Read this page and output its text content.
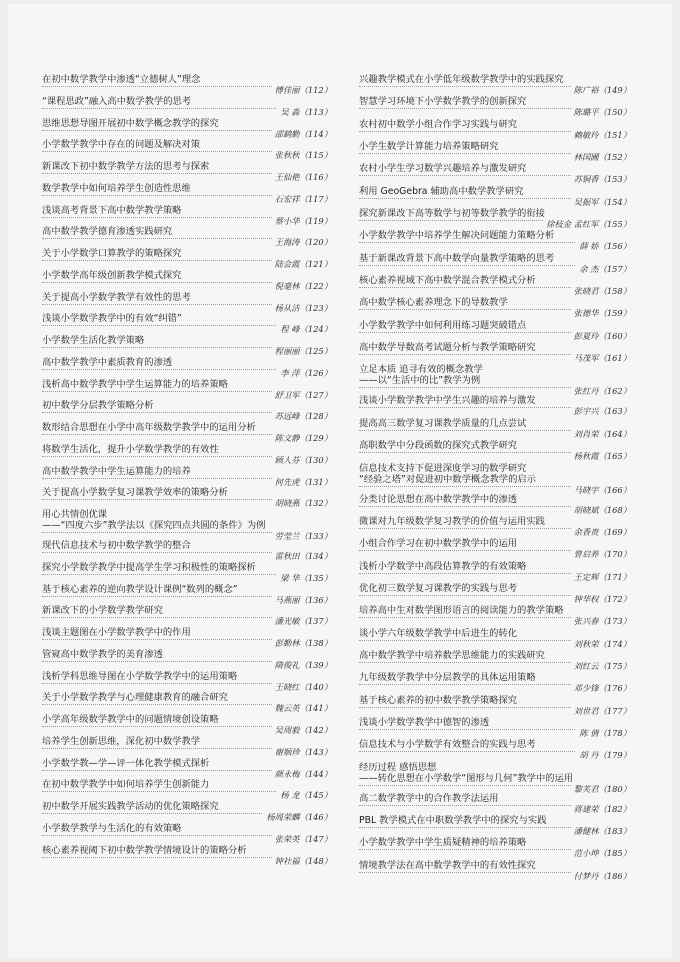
在初中数学教学中渗透“立德树人”理念
傅佳丽（112）
“课程思政”融入高中数学教学的思考
吴 淼（113）
思维思想导图开展初中数学概念教学的探究
邵鹤勤（114）
小学数学教学中存在的问题及解决对策
张秋秋（115）
新课改下初中数学教学方法的思考与探索
王仙艳（116）
数学教学中如何培养学生创造性思维
石宏祥（117）
浅谈高考背景下高中数学教学策略
蔡小华（119）
高中数学教学德育渗透实践研究
王海涛（120）
关于小学数学口算教学的策略探究
陆会霞（121）
小学数学高年级创新教学模式探究
倪毫林（122）
关于提高小学数学教学有效性的思考
杨从洁（123）
浅谈小学数学教学中的有效“纠错”
程 峰（124）
小学数学生活化教学策略
程丽丽（125）
高中数学教学中素质教育的渗透
李 萍（126）
浅析高中数学教学中学生运算能力的培养策略
舒卫军（127）
初中数学分层教学策略分析
苏远峰（128）
数形结合思想在小学中高年级数学教学中的运用分析
陈文静（129）
将数学生活化，提升小学数学教学的有效性
顾人芬（130）
高中数学教学中学生运算能力的培养
何先虎（131）
关于提高小学数学复习课教学效率的策略分析
胡晓燕（132）
用心共情创优课
——“四度六步”教学法以《探究四点共圆的条件》为例
劳莹兰（133）
现代信息技术与初中数学教学的整合
雷秋田（134）
探究小学数学教学中提高学生学习积极性的策略探析
梁 华（135）
基于核心素养的逆向教学设计课例“数列的概念”
马燕丽（136）
新课改下的小学数学教学研究
潘光敏（137）
浅谈主题图在小学数学教学中的作用
彭勤林（138）
管窥高中数学教学的美育渗透
隋俊礼（139）
浅析学科思维导图在小学数学教学中的运用策略
王晓红（140）
关于小学数学教学与心理健康教育的融合研究
魏云英（141）
小学高年级数学教学中的问题情境创设策略
吴周毅（142）
培养学生创新思维，深化初中数学教学
谢顺珍（143）
小学数学教—学—评一体化教学模式探析
颜永梅（144）
在初中数学教学中如何培养学生创新能力
杨 龙（145）
初中数学开展实践教学活动的优化策略探究
杨周荣麟（146）
小学数学教学与生活化的有效策略
张荣英（147）
核心素养视阈下初中数学教学情境设计的策略分析
钟社福（148）
兴趣教学模式在小学低年级数学教学中的实践探究
陈广裕（149）
智慧学习环境下小学数学教学的创新探究
陈璐平（150）
农村初中数学小组合作学习实践与研究
赖敏玲（151）
小学生数学计算能力培养策略研究
林国圃（152）
农村小学生学习数学兴趣培养与激发研究
苏铜香（153）
利用 GeoGebra 辅助高中数学教学研究
吴振军（154）
探究新课改下高等数学与初等数学教学的衔接
徐枝金 孟红军（155）
小学数学教学中培养学生解决问题能力策略分析
薛 娇（156）
基于新课改背景下高中数学向量教学策略的思考
余 杰（157）
核心素养视域下高中数学混合教学模式分析
张晓君（158）
高中数学核心素养理念下的导数教学
张德华（159）
小学数学教学中如何利用练习题突破错点
彭夏玲（160）
高中数学导数高考试题分析与教学策略研究
马茂军（161）
立足本质 追寻有效的概念教学
——以“生活中的比”教学为例
张红丹（162）
浅谈小学数学教学中学生兴趣的培养与激发
彭宇兴（163）
提高高三数学复习课教学质量的几点尝试
刘肖荣（164）
高职数学中分段函数的探究式教学研究
杨秋霞（165）
信息技术支持下促进深度学习的数学研究
“经验之塔”对促进初中数学概念教学的启示
马晓宇（166）
分类讨论思想在高中数学教学中的渗透
胡晓斌（168）
微课对九年级数学复习教学的价值与运用实践
余香贵（169）
小组合作学习在初中数学教学中的运用
曾启养（170）
浅析小学数学中高段估算教学的有效策略
王定辉（171）
优化初三数学复习课教学的实践与思考
钟华权（172）
培养高中生对数学图形语言的阅读能力的教学策略
张兴春（173）
谈小学六年级数学教学中后进生的转化
刘秋荣（174）
高中数学教学中培养数学思维能力的实践研究
刘红云（175）
九年级数学教学中分层教学的具体运用策略
邓少锋（176）
基于核心素养的初中数学教学策略探究
刘世君（177）
浅谈小学数学教学中德智的渗透
陈 倩（178）
信息技术与小学数学有效整合的实践与思考
胡 丹（179）
经历过程 感悟思想
——转化思想在小学数学“图形与几何”教学中的运用
黎芙君（180）
高二数学教学中的合作教学法运用
蒋建荣（182）
PBL 教学模式在中职数学教学中的探究与实践
潘健林（183）
小学数学教学中学生质疑精神的培养策略
范小坤（185）
情境教学法在高中数学教学中的有效性探究
付梦丹（186）
